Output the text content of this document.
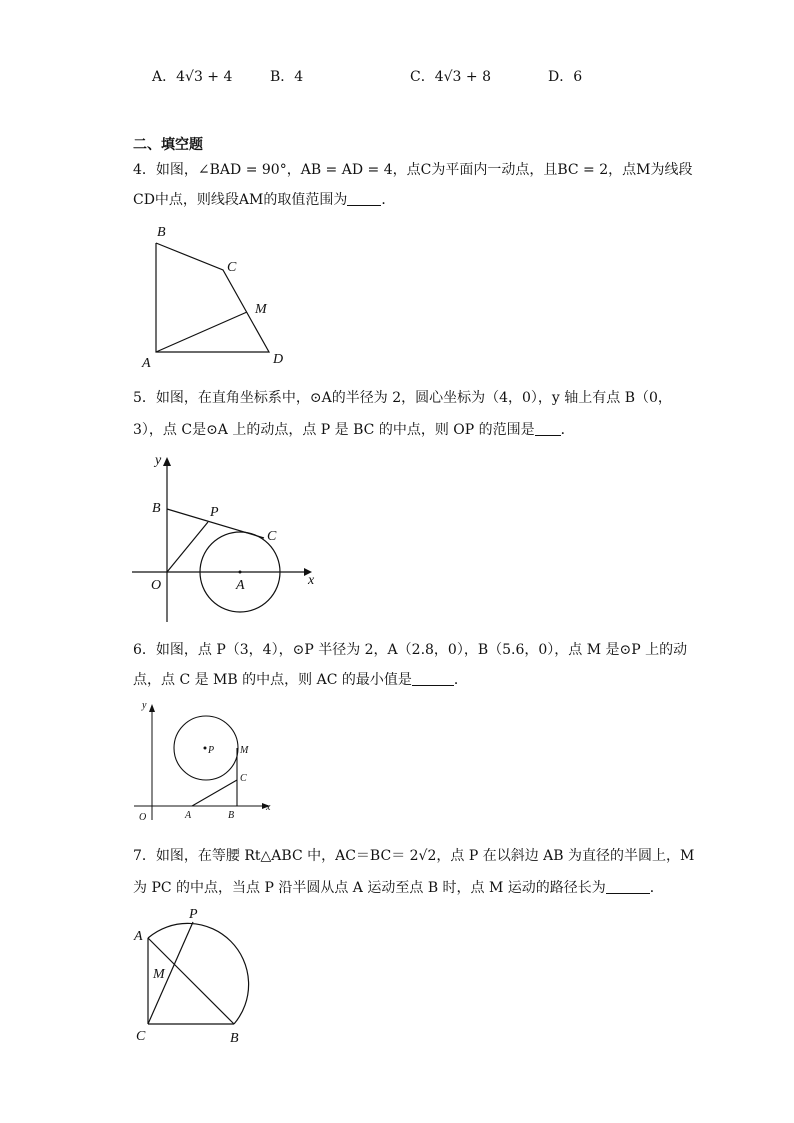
A．4√3 + 4	B．4	C．4√3 + 8	D．6
二、填空题
4．如图，∠BAD = 90°，AB = AD = 4，点C为平面内一动点，且BC = 2，点M为线段
CD中点，则线段AM的取值范围为 ．
B
C
M
A	D
5．如图，在直角坐标系中，⊙A的半径为 2，圆心坐标为（4，0），y 轴上有点 B（0，
3），点 C是⊙A 上的动点，点 P 是 BC 的中点，则 OP 的范围是 ．
y
B	P
C
O	A	x
6．如图，点 P（3，4），⊙P 半径为 2，A（2.8，0），B（5.6，0），点 M 是⊙P 上的动
点，点 C 是 MB 的中点，则 AC 的最小值是	．
y
P	M
C
O	A	B
x
7．如图，在等腰 Rt△ABC 中，AC＝BC＝ 2√2，点 P 在以斜边 AB 为直径的半圆上，M
为 PC 的中点，当点 P 沿半圆从点 A 运动至点 B 时，点 M 运动的路径长为	．
P
A
M
C	B
